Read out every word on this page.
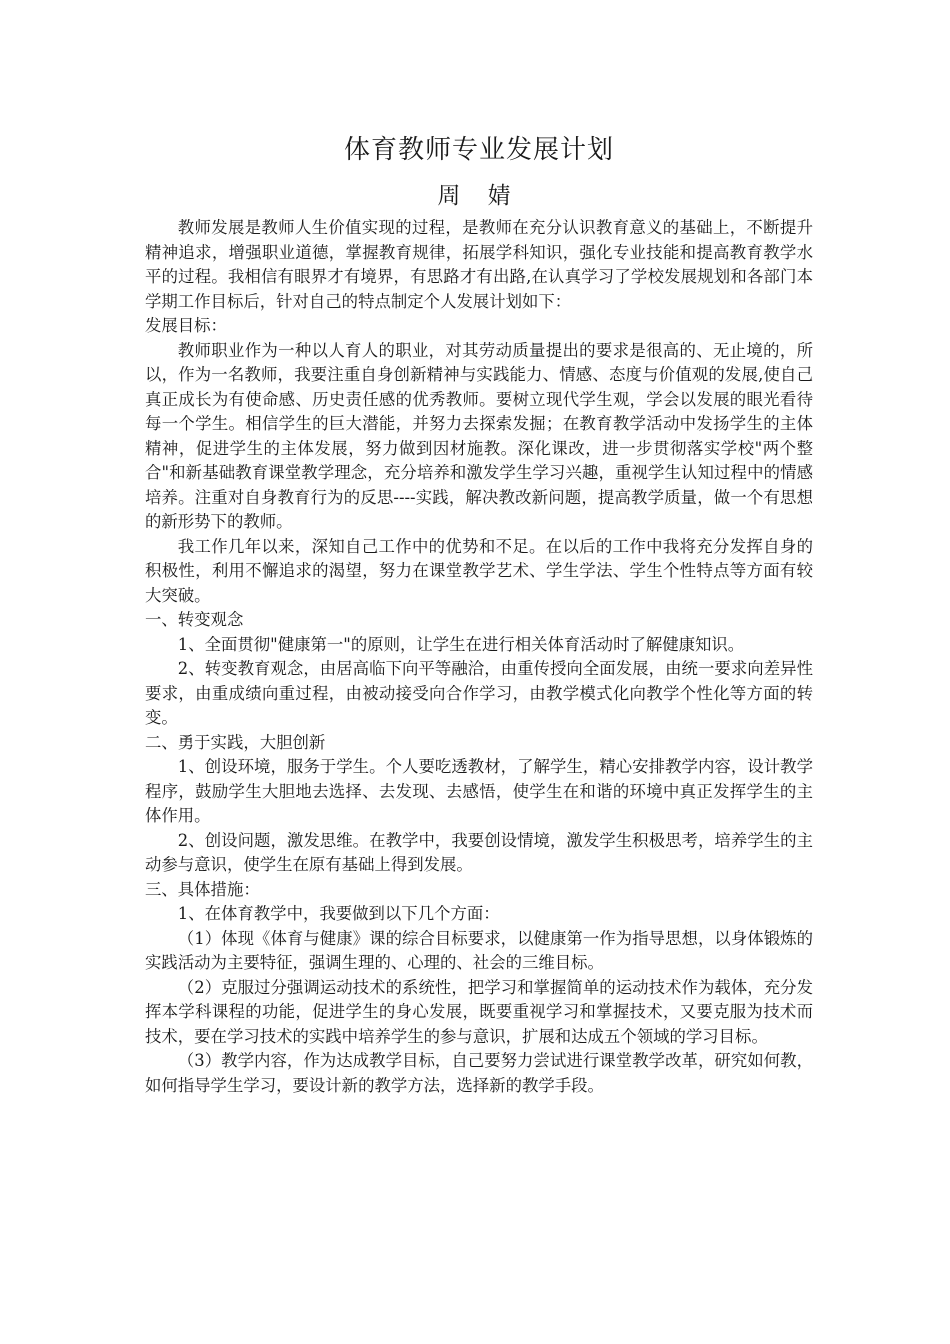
体育教师专业发展计划
周 婧

教师发展是教师人生价值实现的过程，是教师在充分认识教育意义的基础上，不断提升精神追求，增强职业道德，掌握教育规律，拓展学科知识，强化专业技能和提高教育教学水平的过程。我相信有眼界才有境界，有思路才有出路,在认真学习了学校发展规划和各部门本学期工作目标后，针对自己的特点制定个人发展计划如下：

发展目标：

教师职业作为一种以人育人的职业，对其劳动质量提出的要求是很高的、无止境的，所以，作为一名教师，我要注重自身创新精神与实践能力、情感、态度与价值观的发展,使自己真正成长为有使命感、历史责任感的优秀教师。要树立现代学生观，学会以发展的眼光看待每一个学生。相信学生的巨大潜能，并努力去探索发掘；在教育教学活动中发扬学生的主体精神，促进学生的主体发展，努力做到因材施教。深化课改，进一步贯彻落实学校"两个整合"和新基础教育课堂教学理念，充分培养和激发学生学习兴趣，重视学生认知过程中的情感培养。注重对自身教育行为的反思----实践，解决教改新问题，提高教学质量，做一个有思想的新形势下的教师。

我工作几年以来，深知自己工作中的优势和不足。在以后的工作中我将充分发挥自身的积极性，利用不懈追求的渴望，努力在课堂教学艺术、学生学法、学生个性特点等方面有较大突破。

一、转变观念

1、全面贯彻"健康第一"的原则，让学生在进行相关体育活动时了解健康知识。

2、转变教育观念，由居高临下向平等融洽，由重传授向全面发展，由统一要求向差异性要求，由重成绩向重过程，由被动接受向合作学习，由教学模式化向教学个性化等方面的转变。

二、勇于实践，大胆创新

1、创设环境，服务于学生。个人要吃透教材，了解学生，精心安排教学内容，设计教学程序，鼓励学生大胆地去选择、去发现、去感悟，使学生在和谐的环境中真正发挥学生的主体作用。

2、创设问题，激发思维。在教学中，我要创设情境，激发学生积极思考，培养学生的主动参与意识，使学生在原有基础上得到发展。

三、具体措施：

1、在体育教学中，我要做到以下几个方面：

（1）体现《体育与健康》课的综合目标要求，以健康第一作为指导思想，以身体锻炼的实践活动为主要特征，强调生理的、心理的、社会的三维目标。

（2）克服过分强调运动技术的系统性，把学习和掌握简单的运动技术作为载体，充分发挥本学科课程的功能，促进学生的身心发展，既要重视学习和掌握技术，又要克服为技术而技术，要在学习技术的实践中培养学生的参与意识，扩展和达成五个领域的学习目标。

（3）教学内容，作为达成教学目标，自己要努力尝试进行课堂教学改革，研究如何教，如何指导学生学习，要设计新的教学方法，选择新的教学手段。
